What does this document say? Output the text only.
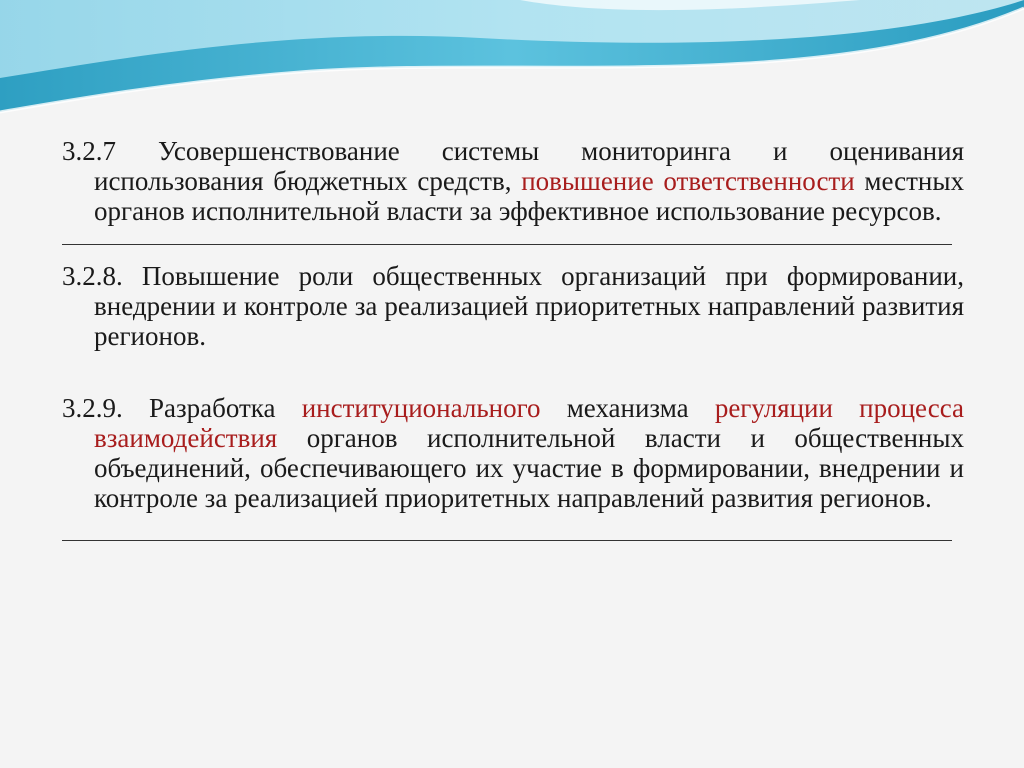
3.2.7 Усовершенствование системы мониторинга и оценивания использования бюджетных средств, повышение ответственности местных органов исполнительной власти за эффективное использование ресурсов.

3.2.8. Повышение роли общественных организаций при формировании, внедрении и контроле за реализацией приоритетных направлений развития регионов.

3.2.9. Разработка институционального механизма регуляции процесса взаимодействия органов исполнительной власти и общественных объединений, обеспечивающего их участие в формировании, внедрении и контроле за реализацией приоритетных направлений развития регионов.
